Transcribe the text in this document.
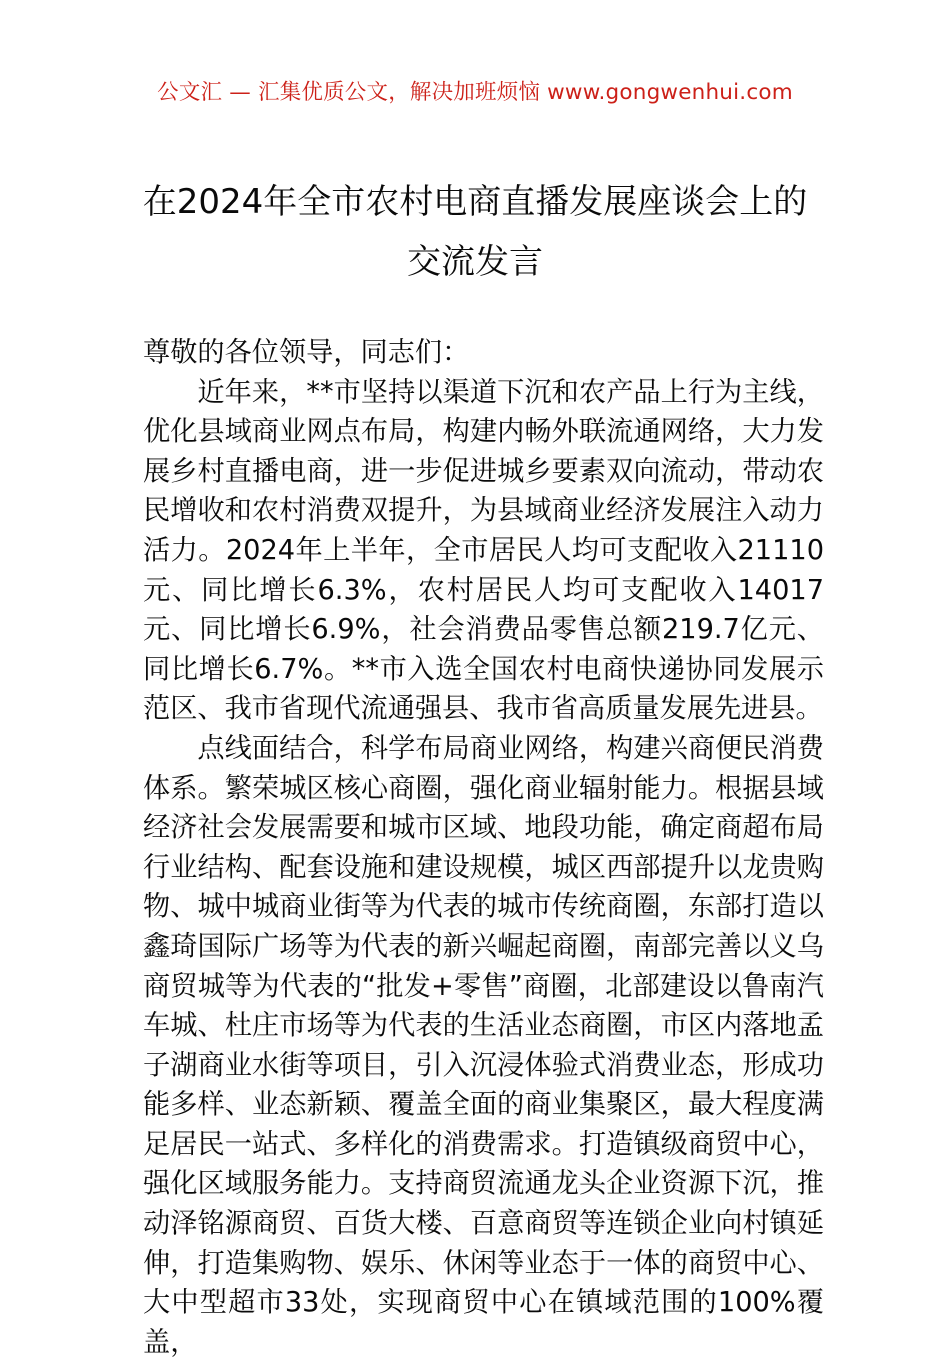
公文汇 — 汇集优质公文，解决加班烦恼 www.gongwenhui.com
在2024年全市农村电商直播发展座谈会上的交流发言

尊敬的各位领导，同志们：

近年来，**市坚持以渠道下沉和农产品上行为主线，优化县域商业网点布局，构建内畅外联流通网络，大力发展乡村直播电商，进一步促进城乡要素双向流动，带动农民增收和农村消费双提升，为县域商业经济发展注入动力活力。2024年上半年，全市居民人均可支配收入21110元、同比增长6.3%，农村居民人均可支配收入14017元、同比增长6.9%，社会消费品零售总额219.7亿元、同比增长6.7%。**市入选全国农村电商快递协同发展示范区、我市省现代流通强县、我市省高质量发展先进县。

点线面结合，科学布局商业网络，构建兴商便民消费体系。繁荣城区核心商圈，强化商业辐射能力。根据县域经济社会发展需要和城市区域、地段功能，确定商超布局行业结构、配套设施和建设规模，城区西部提升以龙贵购物、城中城商业街等为代表的城市传统商圈，东部打造以鑫琦国际广场等为代表的新兴崛起商圈，南部完善以义乌商贸城等为代表的“批发+零售”商圈，北部建设以鲁南汽车城、杜庄市场等为代表的生活业态商圈，市区内落地孟子湖商业水街等项目，引入沉浸体验式消费业态，形成功能多样、业态新颖、覆盖全面的商业集聚区，最大程度满足居民一站式、多样化的消费需求。打造镇级商贸中心，强化区域服务能力。支持商贸流通龙头企业资源下沉，推动泽铭源商贸、百货大楼、百意商贸等连锁企业向村镇延伸，打造集购物、娱乐、休闲等业态于一体的商贸中心、大中型超市33处，实现商贸中心在镇域范围的100%覆盖，
